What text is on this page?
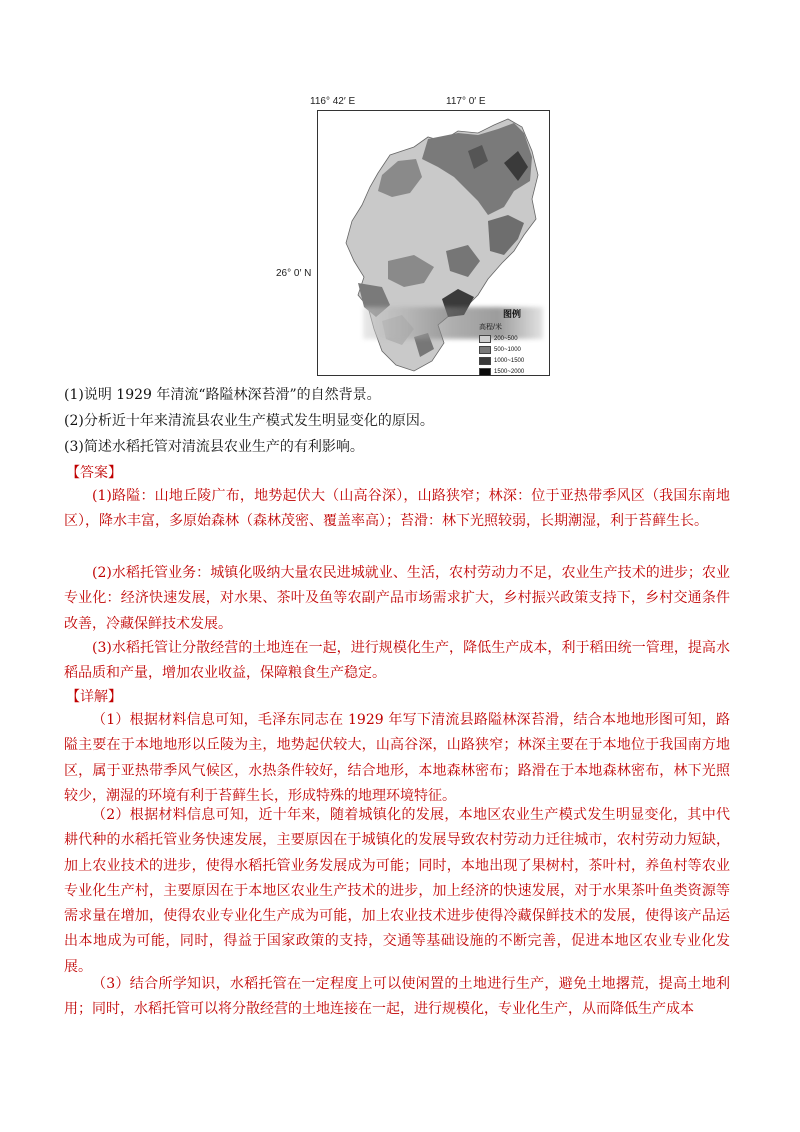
116° 42′ E	117° 0′ E
26° 0′ N
图例
高程/米
200~500
500~1000
1000~1500
1500~2000
(1)说明 1929 年清流“路隘林深苔滑”的自然背景。
(2)分析近十年来清流县农业生产模式发生明显变化的原因。
(3)简述水稻托管对清流县农业生产的有利影响。
【答案】

(1)路隘：山地丘陵广布，地势起伏大（山高谷深），山路狭窄；林深：位于亚热带季风区（我国东南地区），降水丰富，多原始森林（森林茂密、覆盖率高）；苔滑：林下光照较弱，长期潮湿，利于苔藓生长。

(2)水稻托管业务：城镇化吸纳大量农民进城就业、生活，农村劳动力不足，农业生产技术的进步；农业专业化：经济快速发展，对水果、茶叶及鱼等农副产品市场需求扩大，乡村振兴政策支持下，乡村交通条件改善，冷藏保鲜技术发展。

(3)水稻托管让分散经营的土地连在一起，进行规模化生产，降低生产成本，利于稻田统一管理，提高水稻品质和产量，增加农业收益，保障粮食生产稳定。

【详解】

（1）根据材料信息可知，毛泽东同志在 1929 年写下清流县路隘林深苔滑，结合本地地形图可知，路隘主要在于本地地形以丘陵为主，地势起伏较大，山高谷深，山路狭窄；林深主要在于本地位于我国南方地区，属于亚热带季风气候区，水热条件较好，结合地形，本地森林密布；路滑在于本地森林密布，林下光照较少，潮湿的环境有利于苔藓生长，形成特殊的地理环境特征。

（2）根据材料信息可知，近十年来，随着城镇化的发展，本地区农业生产模式发生明显变化，其中代耕代种的水稻托管业务快速发展，主要原因在于城镇化的发展导致农村劳动力迁往城市，农村劳动力短缺，加上农业技术的进步，使得水稻托管业务发展成为可能；同时，本地出现了果树村，茶叶村，养鱼村等农业专业化生产村，主要原因在于本地区农业生产技术的进步，加上经济的快速发展，对于水果茶叶鱼类资源等需求量在增加，使得农业专业化生产成为可能，加上农业技术进步使得冷藏保鲜技术的发展，使得该产品运出本地成为可能，同时，得益于国家政策的支持，交通等基础设施的不断完善，促进本地区农业专业化发展。

（3）结合所学知识，水稻托管在一定程度上可以使闲置的土地进行生产，避免土地撂荒，提高土地利用；同时，水稻托管可以将分散经营的土地连接在一起，进行规模化，专业化生产，从而降低生产成本
